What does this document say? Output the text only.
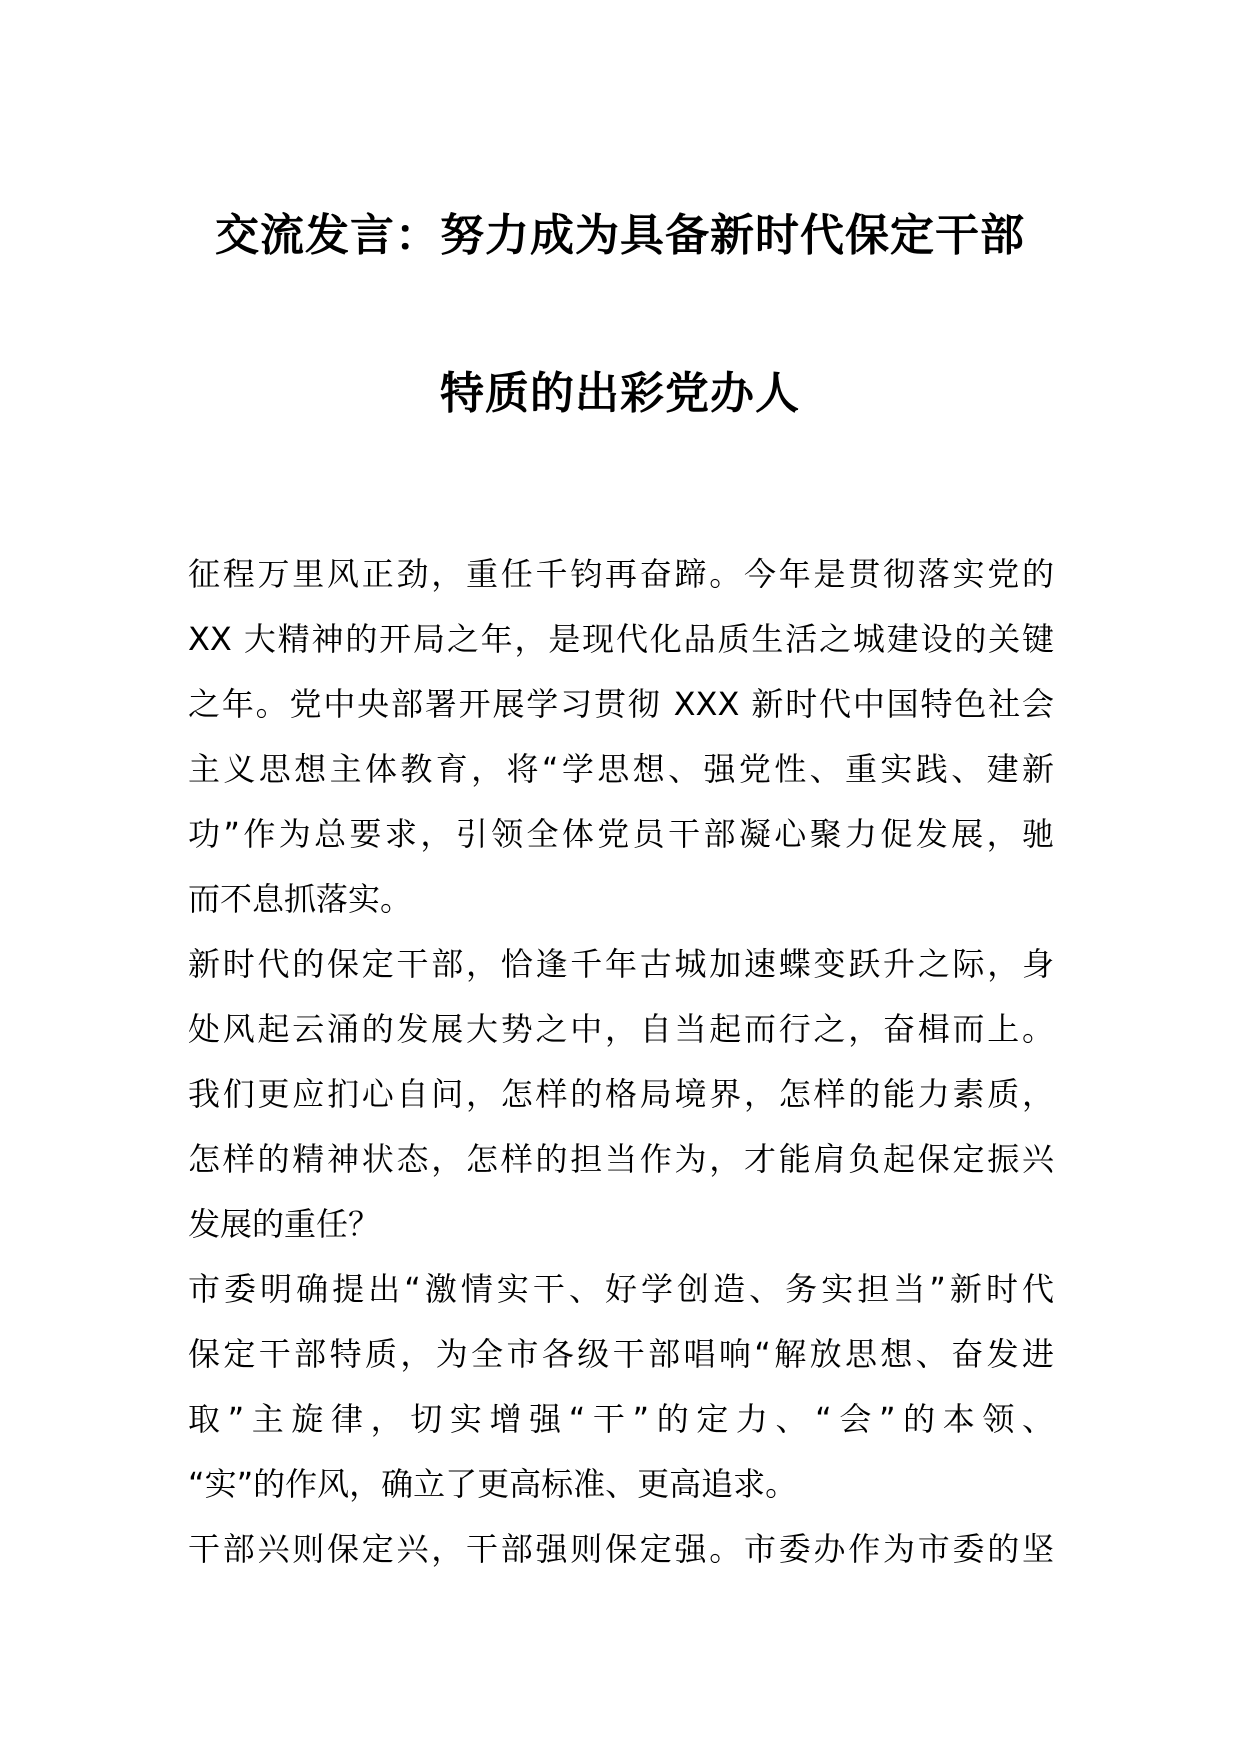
交流发言：努力成为具备新时代保定干部
特质的出彩党办人
征程万里风正劲，重任千钧再奋蹄。今年是贯彻落实党的
XX 大精神的开局之年，是现代化品质生活之城建设的关键
之年。党中央部署开展学习贯彻 XXX 新时代中国特色社会
主义思想主体教育，将“学思想、强党性、重实践、建新
功”作为总要求，引领全体党员干部凝心聚力促发展，驰
而不息抓落实。
新时代的保定干部，恰逢千年古城加速蝶变跃升之际，身
处风起云涌的发展大势之中，自当起而行之，奋楫而上。
我们更应扪心自问，怎样的格局境界，怎样的能力素质，
怎样的精神状态，怎样的担当作为，才能肩负起保定振兴
发展的重任？
市委明确提出“激情实干、好学创造、务实担当”新时代
保定干部特质，为全市各级干部唱响“解放思想、奋发进
取”主旋律，切实增强“干”的定力、“会”的本领、
“实”的作风，确立了更高标准、更高追求。
干部兴则保定兴，干部强则保定强。市委办作为市委的坚
